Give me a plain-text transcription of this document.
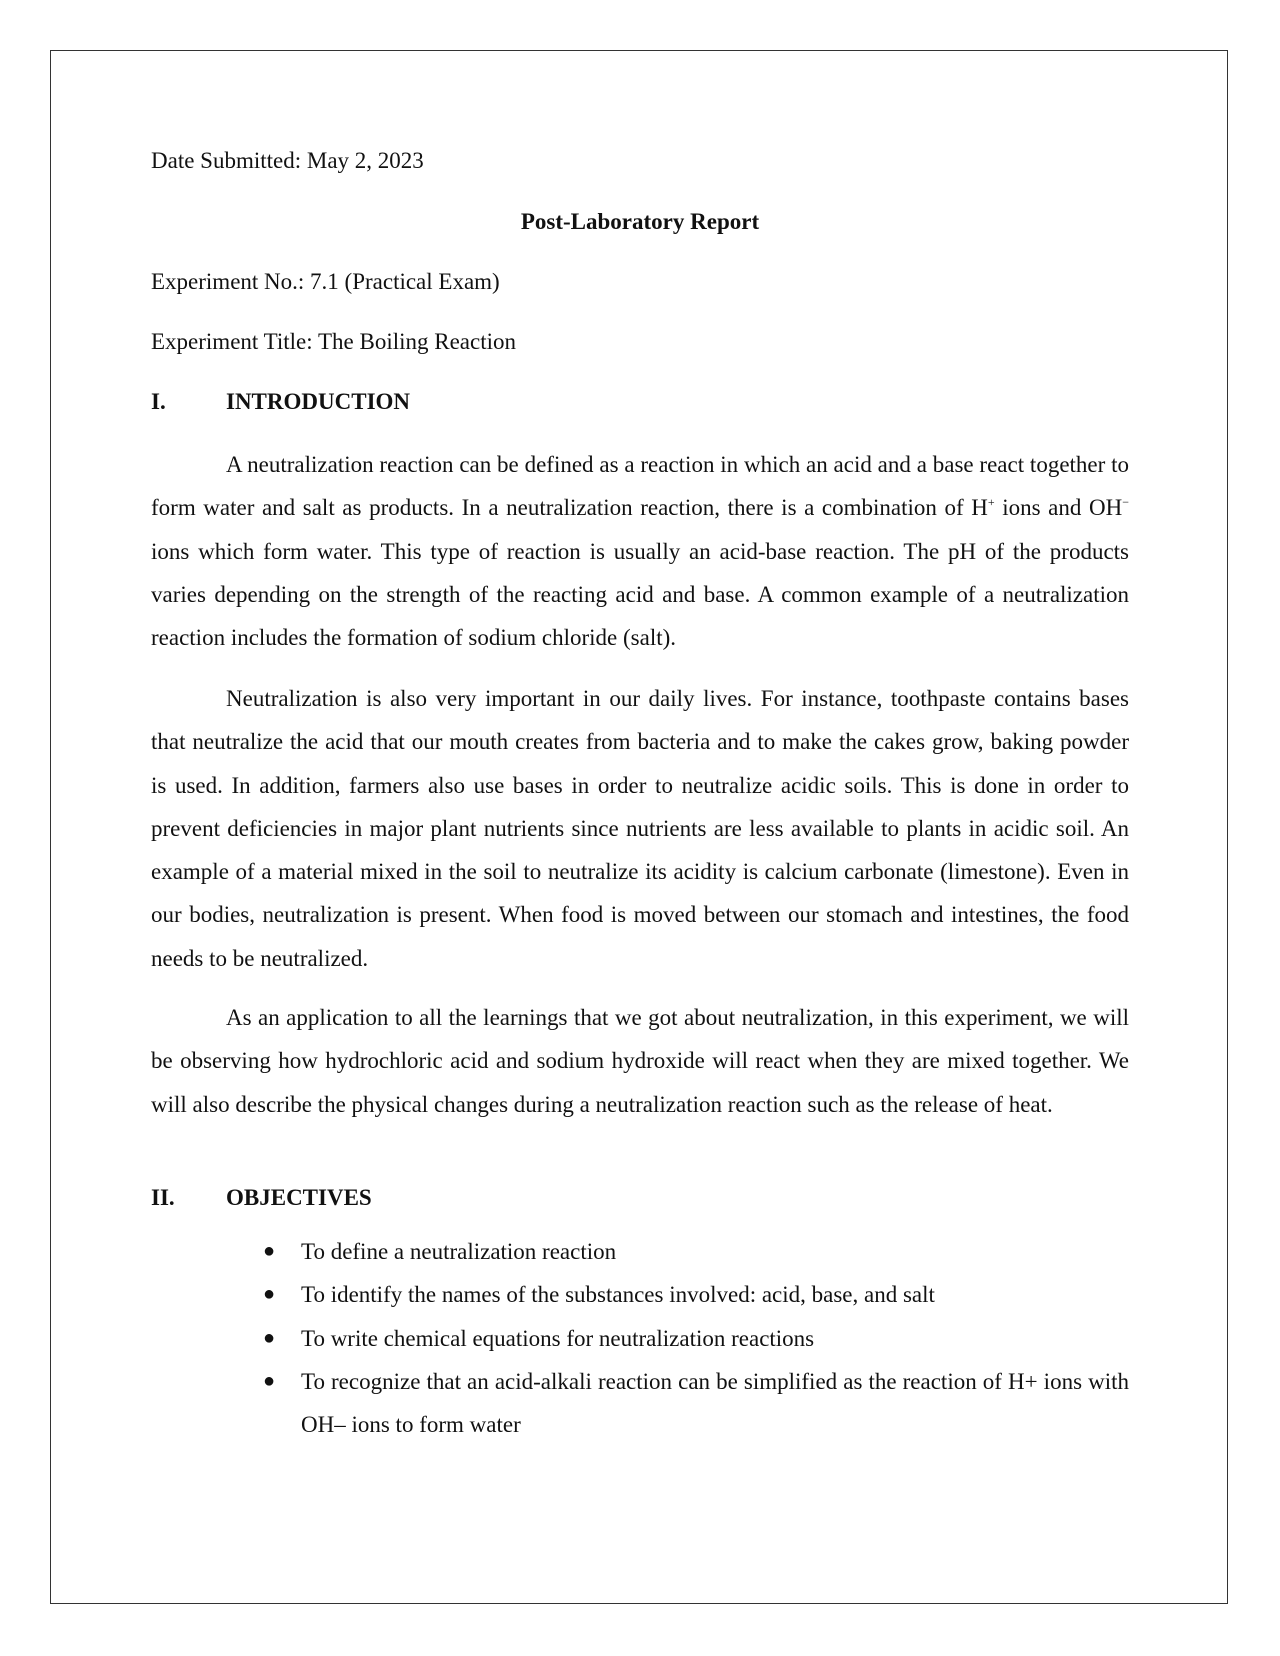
Date Submitted: May 2, 2023
Post-Laboratory Report
Experiment No.: 7.1 (Practical Exam)
Experiment Title: The Boiling Reaction
I.	INTRODUCTION

A neutralization reaction can be defined as a reaction in which an acid and a base react together to form water and salt as products. In a neutralization reaction, there is a combination of H+ ions and OH− ions which form water. This type of reaction is usually an acid-base reaction. The pH of the products varies depending on the strength of the reacting acid and base. A common example of a neutralization reaction includes the formation of sodium chloride (salt).

Neutralization is also very important in our daily lives. For instance, toothpaste contains bases that neutralize the acid that our mouth creates from bacteria and to make the cakes grow, baking powder is used. In addition, farmers also use bases in order to neutralize acidic soils. This is done in order to prevent deficiencies in major plant nutrients since nutrients are less available to plants in acidic soil. An example of a material mixed in the soil to neutralize its acidity is calcium carbonate (limestone). Even in our bodies, neutralization is present. When food is moved between our stomach and intestines, the food needs to be neutralized.

As an application to all the learnings that we got about neutralization, in this experiment, we will be observing how hydrochloric acid and sodium hydroxide will react when they are mixed together. We will also describe the physical changes during a neutralization reaction such as the release of heat.

II. OBJECTIVES
● To define a neutralization reaction
● To identify the names of the substances involved: acid, base, and salt
● To write chemical equations for neutralization reactions
● To recognize that an acid-alkali reaction can be simplified as the reaction of H+ ions with OH– ions to form water
